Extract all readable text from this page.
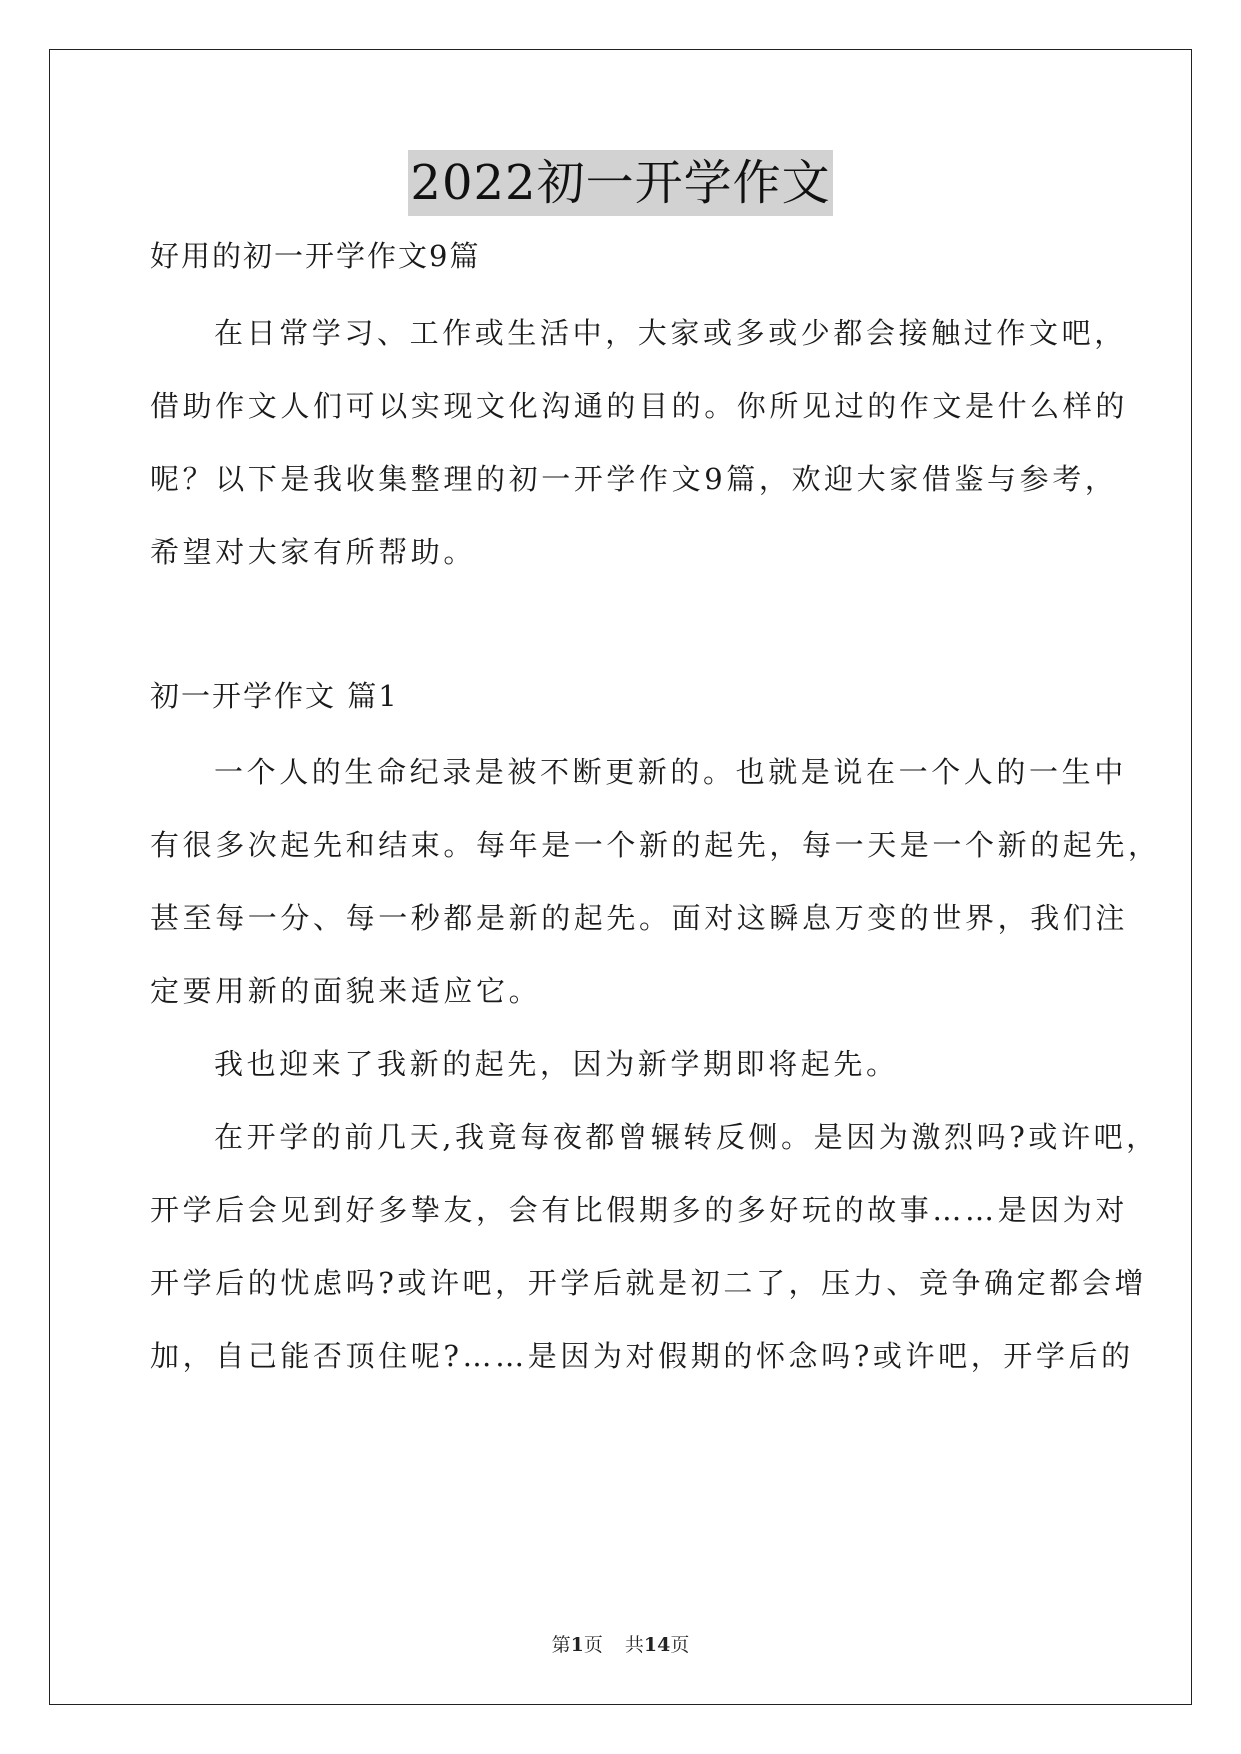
2022初一开学作文
好用的初一开学作文9篇
在日常学习、工作或生活中，大家或多或少都会接触过作文吧，
借助作文人们可以实现文化沟通的目的。你所见过的作文是什么样的
呢？以下是我收集整理的初一开学作文9篇，欢迎大家借鉴与参考，
希望对大家有所帮助。
初一开学作文 篇1
一个人的生命纪录是被不断更新的。也就是说在一个人的一生中
有很多次起先和结束。每年是一个新的起先，每一天是一个新的起先，
甚至每一分、每一秒都是新的起先。面对这瞬息万变的世界，我们注
定要用新的面貌来适应它。
我也迎来了我新的起先，因为新学期即将起先。
在开学的前几天,我竟每夜都曾辗转反侧。是因为激烈吗?或许吧，
开学后会见到好多挚友，会有比假期多的多好玩的故事……是因为对
开学后的忧虑吗?或许吧，开学后就是初二了，压力、竞争确定都会增
加，自己能否顶住呢?……是因为对假期的怀念吗?或许吧，开学后的
第1页 共14页
